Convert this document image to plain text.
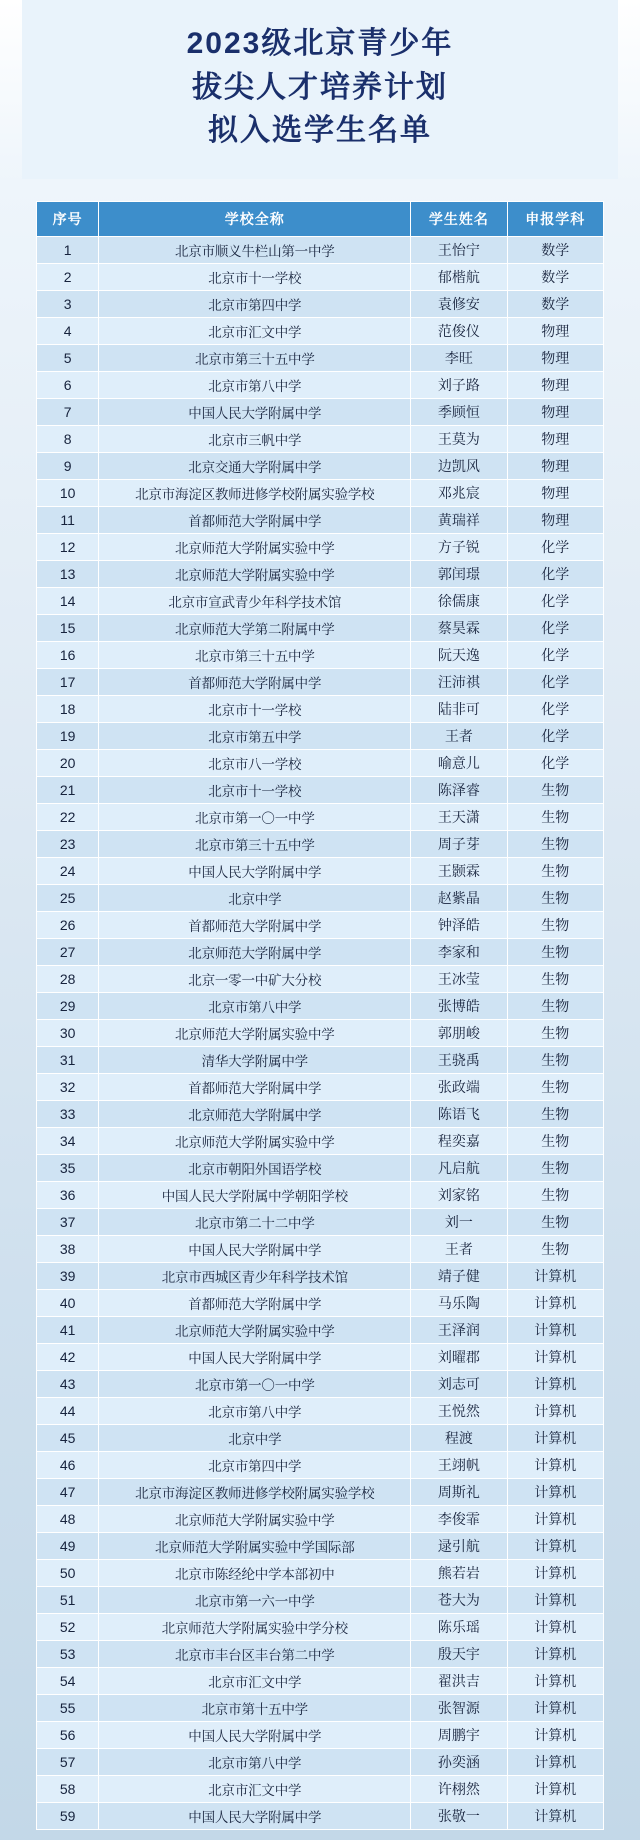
2023级北京青少年
拔尖人才培养计划
拟入选学生名单
序号	学校全称	学生姓名	申报学科
1	北京市顺义牛栏山第一中学	王怡宁	数学
2	北京市十一学校	郁楷航	数学
3	北京市第四中学	袁修安	数学
4	北京市汇文中学	范俊仪	物理
5	北京市第三十五中学	李旺	物理
6	北京市第八中学	刘子路	物理
7	中国人民大学附属中学	季顾恒	物理
8	北京市三帆中学	王莫为	物理
9	北京交通大学附属中学	边凯风	物理
10	北京市海淀区教师进修学校附属实验学校	邓兆宸	物理
11	首都师范大学附属中学	黄瑞祥	物理
12	北京师范大学附属实验中学	方子锐	化学
13	北京师范大学附属实验中学	郭闰璟	化学
14	北京市宣武青少年科学技术馆	徐儒康	化学
15	北京师范大学第二附属中学	蔡昊霖	化学
16	北京市第三十五中学	阮天逸	化学
17	首都师范大学附属中学	汪沛祺	化学
18	北京市十一学校	陆非可	化学
19	北京市第五中学	王者	化学
20	北京市八一学校	喻意儿	化学
21	北京市十一学校	陈泽睿	生物
22	北京市第一〇一中学	王天潇	生物
23	北京市第三十五中学	周子芽	生物
24	中国人民大学附属中学	王颢霖	生物
25	北京中学	赵紫晶	生物
26	首都师范大学附属中学	钟泽皓	生物
27	北京师范大学附属中学	李家和	生物
28	北京一零一中矿大分校	王冰莹	生物
29	北京市第八中学	张博皓	生物
30	北京师范大学附属实验中学	郭朋峻	生物
31	清华大学附属中学	王骁禹	生物
32	首都师范大学附属中学	张政端	生物
33	北京师范大学附属中学	陈语飞	生物
34	北京师范大学附属实验中学	程奕嘉	生物
35	北京市朝阳外国语学校	凡启航	生物
36	中国人民大学附属中学朝阳学校	刘家铭	生物
37	北京市第二十二中学	刘一	生物
38	中国人民大学附属中学	王者	生物
39	北京市西城区青少年科学技术馆	靖子健	计算机
40	首都师范大学附属中学	马乐陶	计算机
41	北京师范大学附属实验中学	王泽润	计算机
42	中国人民大学附属中学	刘曜郡	计算机
43	北京市第一〇一中学	刘志可	计算机
44	北京市第八中学	王悦然	计算机
45	北京中学	程渡	计算机
46	北京市第四中学	王翊帆	计算机
47	北京市海淀区教师进修学校附属实验学校	周斯礼	计算机
48	北京师范大学附属实验中学	李俊霏	计算机
49	北京师范大学附属实验中学国际部	逯引航	计算机
50	北京市陈经纶中学本部初中	熊若岩	计算机
51	北京市第一六一中学	苍大为	计算机
52	北京师范大学附属实验中学分校	陈乐瑶	计算机
53	北京市丰台区丰台第二中学	殷天宇	计算机
54	北京市汇文中学	翟洪吉	计算机
55	北京市第十五中学	张智源	计算机
56	中国人民大学附属中学	周鹏宇	计算机
57	北京市第八中学	孙奕涵	计算机
58	北京市汇文中学	许栩然	计算机
59	中国人民大学附属中学	张敬一	计算机
